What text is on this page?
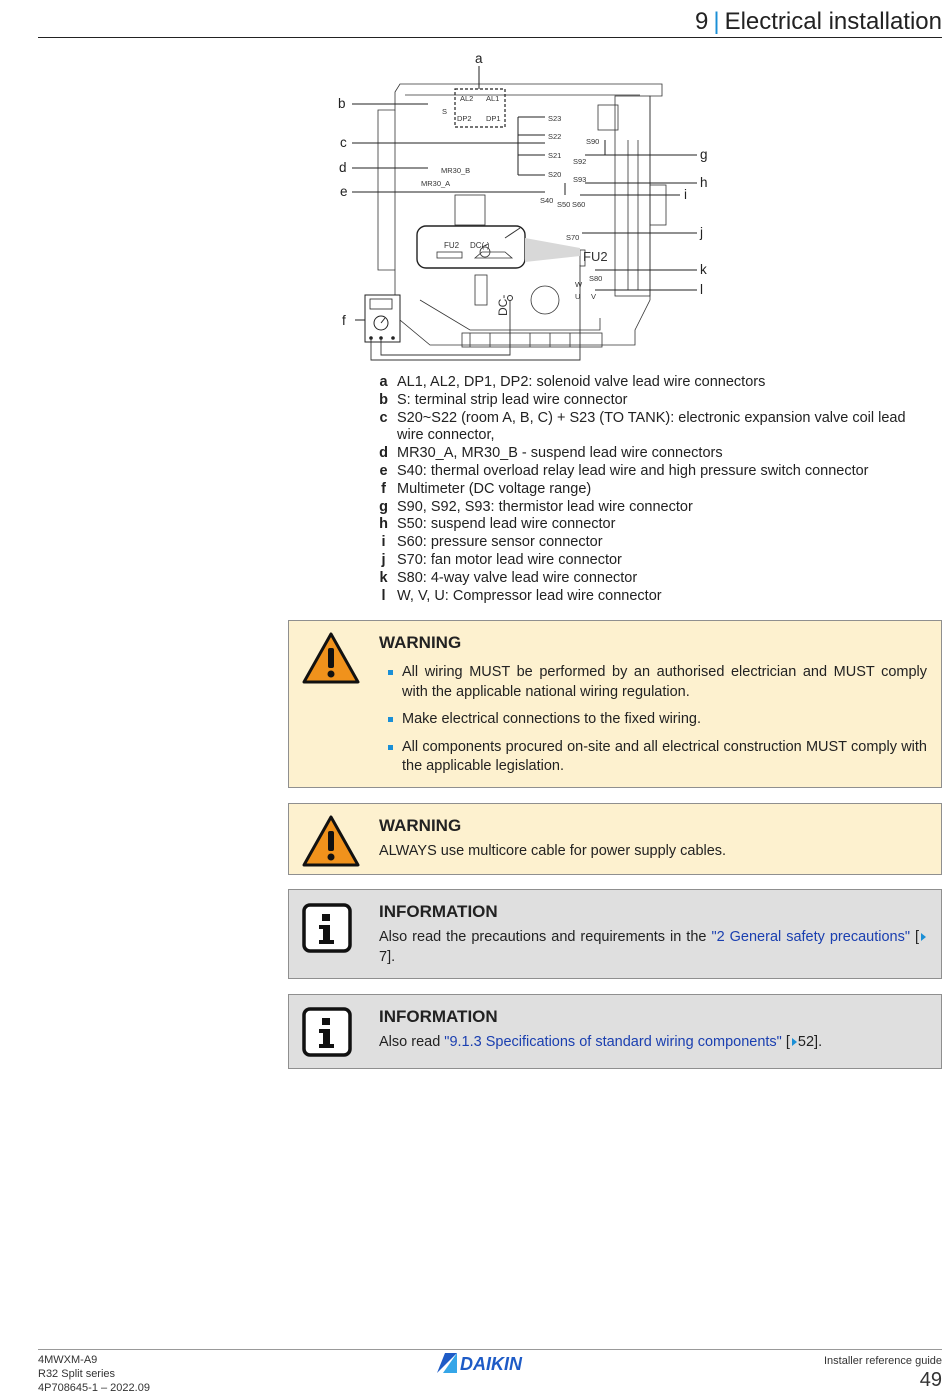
9 | Electrical installation
a
b
c
d
e
f
g
h
i
j
k
l
AL2 AL1
DP2 DP1
S
S23
S22
S21
S20
S90
S92
S93
MR30_B
MR30_A
S40 S50 S60
S70
FU2 DC(-)
FU2
S80
W
U V
DC-
a AL1, AL2, DP1, DP2: solenoid valve lead wire connectors
b S: terminal strip lead wire connector
c S20~S22 (room A, B, C) + S23 (TO TANK): electronic expansion valve coil lead wire connector,
d MR30_A, MR30_B - suspend lead wire connectors
e S40: thermal overload relay lead wire and high pressure switch connector
f Multimeter (DC voltage range)
g S90, S92, S93: thermistor lead wire connector
h S50: suspend lead wire connector
i S60: pressure sensor connector
j S70: fan motor lead wire connector
k S80: 4-way valve lead wire connector
l W, V, U: Compressor lead wire connector
WARNING
All wiring MUST be performed by an authorised electrician and MUST comply with the applicable national wiring regulation.
Make electrical connections to the fixed wiring.
All components procured on-site and all electrical construction MUST comply with the applicable legislation.
WARNING
ALWAYS use multicore cable for power supply cables.
INFORMATION
Also read the precautions and requirements in the "2 General safety precautions" [7].
INFORMATION
Also read "9.1.3 Specifications of standard wiring components" [ 52].
4MWXM-A9
R32 Split series
4P708645-1 – 2022.09
DAIKIN	Installer reference guide
49
